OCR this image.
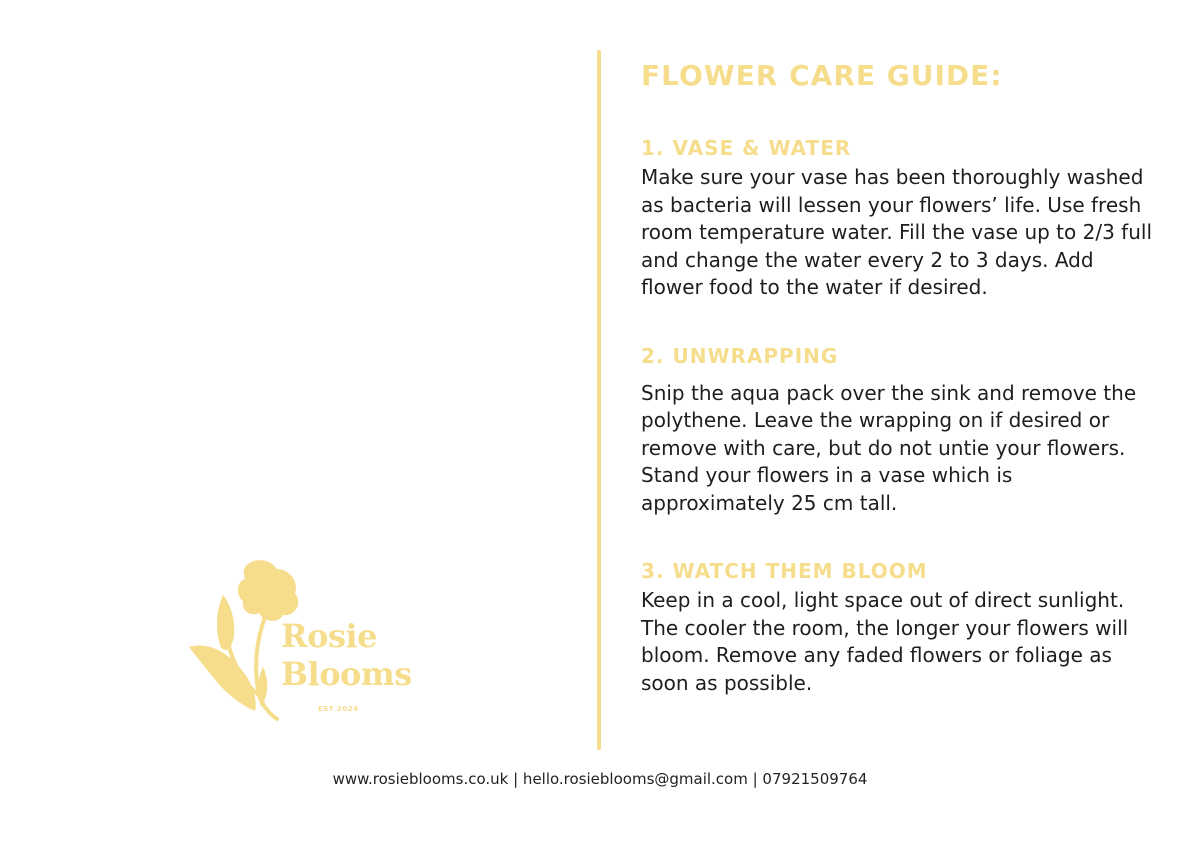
Rosie
Blooms
EST 2024
FLOWER CARE GUIDE:
1. VASE & WATER

Make sure your vase has been thoroughly washed as bacteria will lessen your flowers’ life. Use fresh room temperature water. Fill the vase up to 2/3 full and change the water every 2 to 3 days. Add flower food to the water if desired.

2. UNWRAPPING

Snip the aqua pack over the sink and remove the polythene. Leave the wrapping on if desired or remove with care, but do not untie your flowers. Stand your flowers in a vase which is approximately 25 cm tall.

3. WATCH THEM BLOOM

Keep in a cool, light space out of direct sunlight. The cooler the room, the longer your flowers will bloom. Remove any faded flowers or foliage as soon as possible.

www.rosieblooms.co.uk | hello.rosieblooms@gmail.com | 07921509764
